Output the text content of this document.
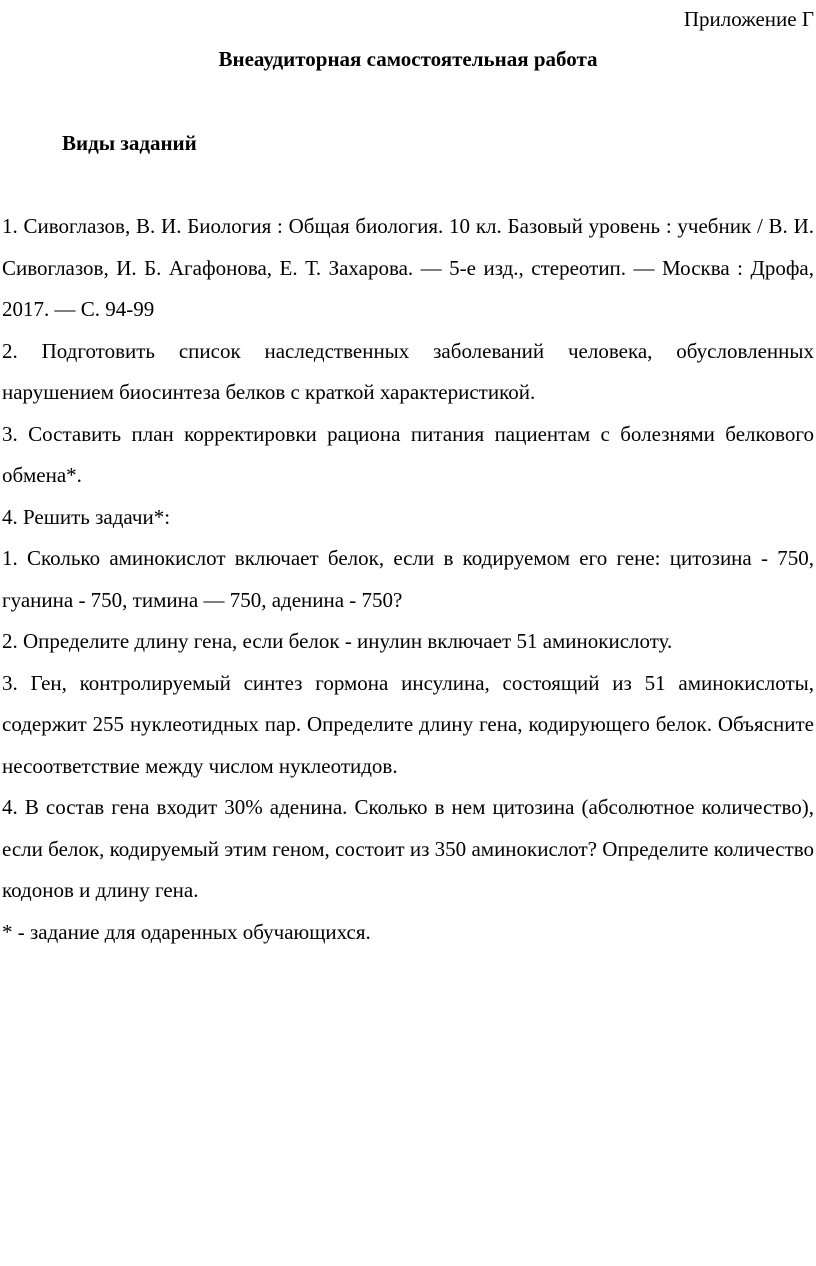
Приложение Г

Внеаудиторная самостоятельная работа
Виды заданий

1. Сивоглазов, В. И. Биология : Общая биология. 10 кл. Базовый уровень : учебник / В. И. Сивоглазов, И. Б. Агафонова, Е. Т. Захарова. — 5-е изд., стереотип. — Москва : Дрофа, 2017. — С. 94-99

2. Подготовить список наследственных заболеваний человека, обусловленных нарушением биосинтеза белков с краткой характеристикой.

3. Составить план корректировки рациона питания пациентам с болезнями белкового обмена*.

4. Решить задачи*:

1. Сколько аминокислот включает белок, если в кодируемом его гене: цитозина - 750, гуанина - 750, тимина — 750, аденина - 750?

2. Определите длину гена, если белок - инулин включает 51 аминокислоту.

3. Ген, контролируемый синтез гормона инсулина, состоящий из 51 аминокислоты, содержит 255 нуклеотидных пар. Определите длину гена, кодирующего белок. Объясните несоответствие между числом нуклеотидов.

4. В состав гена входит 30% аденина. Сколько в нем цитозина (абсолютное количество), если белок, кодируемый этим геном, состоит из 350 аминокислот? Определите количество кодонов и длину гена.

* - задание для одаренных обучающихся.
